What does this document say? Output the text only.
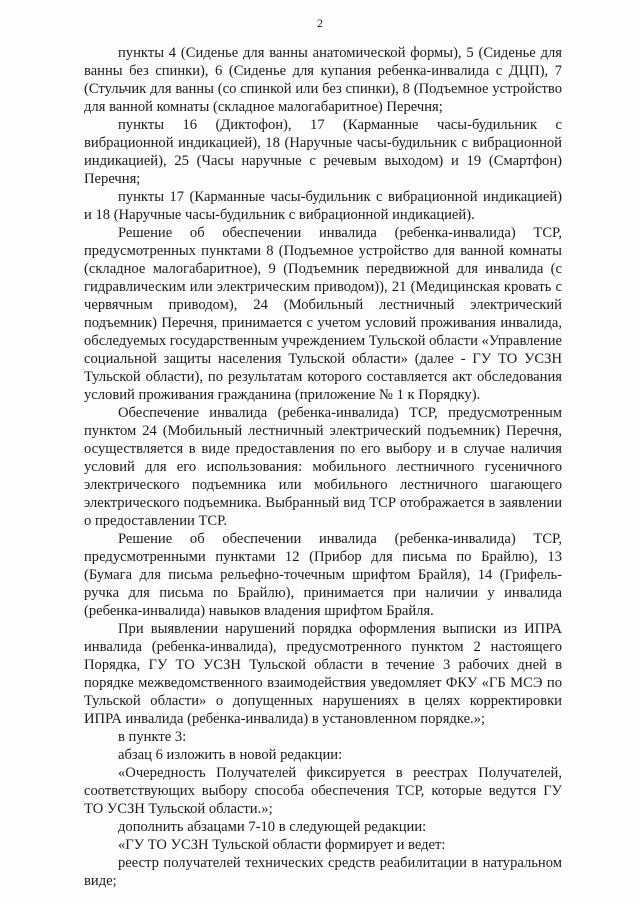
2

пункты 4 (Сиденье для ванны анатомической формы), 5 (Сиденье для ванны без спинки), 6 (Сиденье для купания ребенка-инвалида с ДЦП), 7 (Стульчик для ванны (со спинкой или без спинки), 8 (Подъемное устройство для ванной комнаты (складное малогабаритное) Перечня;

пункты 16 (Диктофон), 17 (Карманные часы-будильник с вибрационной индикацией), 18 (Наручные часы-будильник с вибрационной индикацией), 25 (Часы наручные с речевым выходом) и 19 (Смартфон) Перечня;

пункты 17 (Карманные часы-будильник с вибрационной индикацией) и 18 (Наручные часы-будильник с вибрационной индикацией).

Решение об обеспечении инвалида (ребенка-инвалида) ТСР, предусмотренных пунктами 8 (Подъемное устройство для ванной комнаты (складное малогабаритное), 9 (Подъемник передвижной для инвалида (с гидравлическим или электрическим приводом)), 21 (Медицинская кровать с червячным приводом), 24 (Мобильный лестничный электрический подъемник) Перечня, принимается с учетом условий проживания инвалида, обследуемых государственным учреждением Тульской области «Управление социальной защиты населения Тульской области» (далее - ГУ ТО УСЗН Тульской области), по результатам которого составляется акт обследования условий проживания гражданина (приложение № 1 к Порядку).

Обеспечение инвалида (ребенка-инвалида) ТСР, предусмотренным пунктом 24 (Мобильный лестничный электрический подъемник) Перечня, осуществляется в виде предоставления по его выбору и в случае наличия условий для его использования: мобильного лестничного гусеничного электрического подъемника или мобильного лестничного шагающего электрического подъемника. Выбранный вид ТСР отображается в заявлении о предоставлении ТСР.

Решение об обеспечении инвалида (ребенка-инвалида) ТСР, предусмотренными пунктами 12 (Прибор для письма по Брайлю), 13 (Бумага для письма рельефно-точечным шрифтом Брайля), 14 (Грифель-ручка для письма по Брайлю), принимается при наличии у инвалида (ребенка-инвалида) навыков владения шрифтом Брайля.

При выявлении нарушений порядка оформления выписки из ИПРА инвалида (ребенка-инвалида), предусмотренного пунктом 2 настоящего Порядка, ГУ ТО УСЗН Тульской области в течение 3 рабочих дней в порядке межведомственного взаимодействия уведомляет ФКУ «ГБ МСЭ по Тульской области» о допущенных нарушениях в целях корректировки ИПРА инвалида (ребенка-инвалида) в установленном порядке.»;

в пункте 3:

абзац 6 изложить в новой редакции:

«Очередность Получателей фиксируется в реестрах Получателей, соответствующих выбору способа обеспечения ТСР, которые ведутся ГУ ТО УСЗН Тульской области.»;

дополнить абзацами 7-10 в следующей редакции:

«ГУ ТО УСЗН Тульской области формирует и ведет:

реестр получателей технических средств реабилитации в натуральном виде;
